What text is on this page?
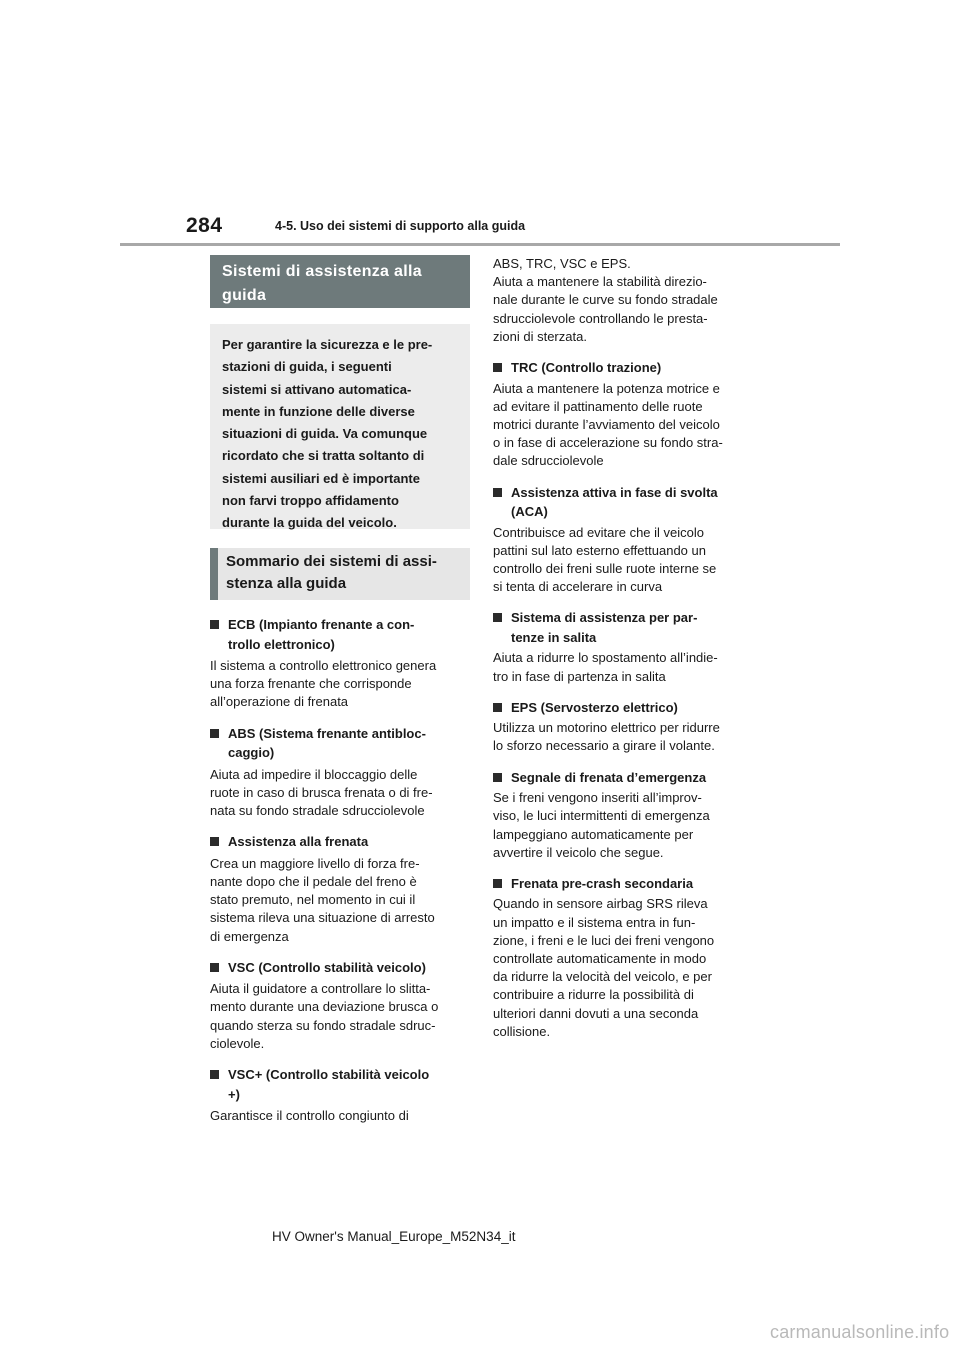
284	4-5. Uso dei sistemi di supporto alla guida
Sistemi di assistenza alla guida
Per garantire la sicurezza e le pre-
stazioni di guida, i seguenti
sistemi si attivano automatica-
mente in funzione delle diverse
situazioni di guida. Va comunque
ricordato che si tratta soltanto di
sistemi ausiliari ed è importante
non farvi troppo affidamento
durante la guida del veicolo.
Sommario dei sistemi di assi-
stenza alla guida
ECB (Impianto frenante a con-
trollo elettronico)
Il sistema a controllo elettronico genera
una forza frenante che corrisponde
all’operazione di frenata
ABS (Sistema frenante antibloc-
caggio)
Aiuta ad impedire il bloccaggio delle
ruote in caso di brusca frenata o di fre-
nata su fondo stradale sdrucciolevole
Assistenza alla frenata
Crea un maggiore livello di forza fre-
nante dopo che il pedale del freno è
stato premuto, nel momento in cui il
sistema rileva una situazione di arresto
di emergenza
VSC (Controllo stabilità veicolo)
Aiuta il guidatore a controllare lo slitta-
mento durante una deviazione brusca o
quando sterza su fondo stradale sdruc-
ciolevole.
VSC+ (Controllo stabilità veicolo
+)
Garantisce il controllo congiunto di
ABS, TRC, VSC e EPS.
Aiuta a mantenere la stabilità direzio-
nale durante le curve su fondo stradale
sdrucciolevole controllando le presta-
zioni di sterzata.
TRC (Controllo trazione)
Aiuta a mantenere la potenza motrice e
ad evitare il pattinamento delle ruote
motrici durante l’avviamento del veicolo
o in fase di accelerazione su fondo stra-
dale sdrucciolevole
Assistenza attiva in fase di svolta
(ACA)
Contribuisce ad evitare che il veicolo
pattini sul lato esterno effettuando un
controllo dei freni sulle ruote interne se
si tenta di accelerare in curva
Sistema di assistenza per par-
tenze in salita
Aiuta a ridurre lo spostamento all’indie-
tro in fase di partenza in salita
EPS (Servosterzo elettrico)
Utilizza un motorino elettrico per ridurre
lo sforzo necessario a girare il volante.
Segnale di frenata d’emergenza
Se i freni vengono inseriti all’improv-
viso, le luci intermittenti di emergenza
lampeggiano automaticamente per
avvertire il veicolo che segue.
Frenata pre-crash secondaria
Quando in sensore airbag SRS rileva
un impatto e il sistema entra in fun-
zione, i freni e le luci dei freni vengono
controllate automaticamente in modo
da ridurre la velocità del veicolo, e per
contribuire a ridurre la possibilità di
ulteriori danni dovuti a una seconda
collisione.
HV Owner's Manual_Europe_M52N34_it
carmanualsonline.info
